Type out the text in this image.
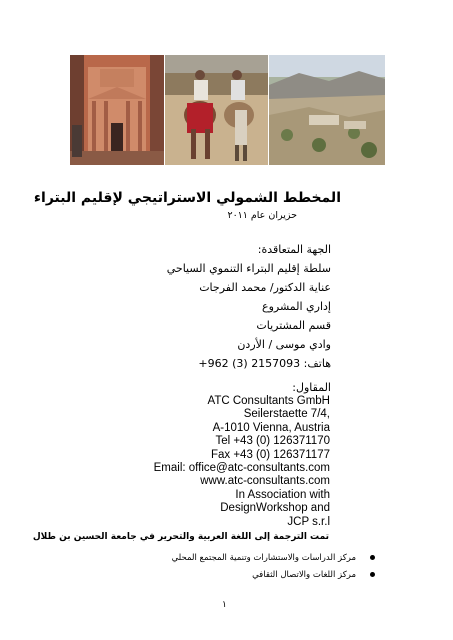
المخطط الشمولي الاستراتيجي لإقليم البتراء
حزيران عام ٢٠١١
الجهة المتعاقدة:
سلطة إقليم البتراء التنموي السياحي
عناية الدكتور/ محمد الفرجات
إداري المشروع
قسم المشتريات
وادي موسى / الأردن
هاتف: 2157093 (3) 962+
المقاول:
ATC Consultants GmbH
Seilerstaette 7/4,
A-1010 Vienna, Austria
Tel +43 (0) 126371170
Fax +43 (0) 126371177
Email: office@atc-consultants.com
www.atc-consultants.com
In Association with
DesignWorkshop and
JCP s.r.l
تمت الترجمة إلى اللغة العربية والتحرير في جامعة الحسين بن طلال
مركز الدراسات والاستشارات وتنمية المجتمع المحلي
مركز اللغات والاتصال الثقافي
١
